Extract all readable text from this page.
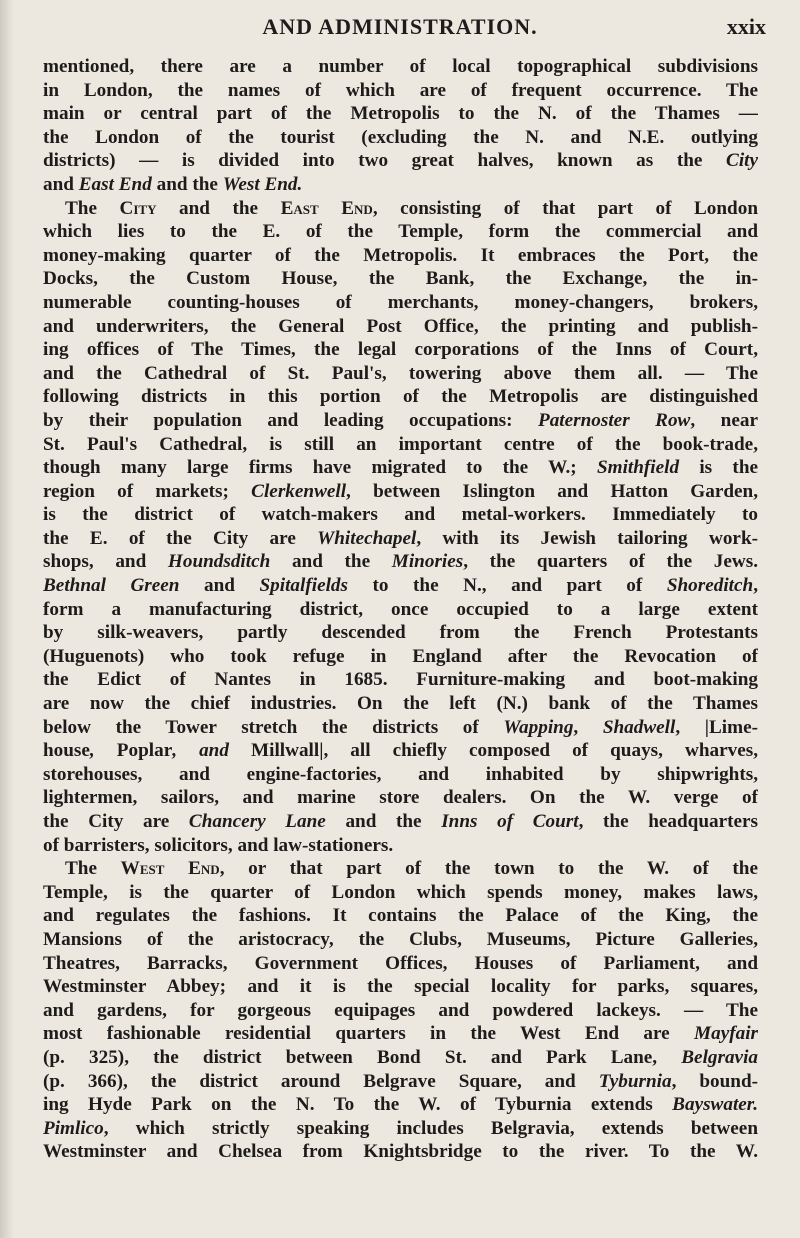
AND ADMINISTRATION.	xxix
mentioned, there are a number of local topographical subdivisions
in London, the names of which are of frequent occurrence. The
main or central part of the Metropolis to the N. of the Thames —
the London of the tourist (excluding the N. and N.E. outlying
districts) — is divided into two great halves, known as the City
and East End and the West End.
The City and the East End, consisting of that part of London
which lies to the E. of the Temple, form the commercial and
money-making quarter of the Metropolis. It embraces the Port, the
Docks, the Custom House, the Bank, the Exchange, the in-
numerable counting-houses of merchants, money-changers, brokers,
and underwriters, the General Post Office, the printing and publish-
ing offices of The Times, the legal corporations of the Inns of Court,
and the Cathedral of St. Paul's, towering above them all. — The
following districts in this portion of the Metropolis are distinguished
by their population and leading occupations: Paternoster Row, near
St. Paul's Cathedral, is still an important centre of the book-trade,
though many large firms have migrated to the W.; Smithfield is the
region of markets; Clerkenwell, between Islington and Hatton Garden,
is the district of watch-makers and metal-workers. Immediately to
the E. of the City are Whitechapel, with its Jewish tailoring work-
shops, and Houndsditch and the Minories, the quarters of the Jews.
Bethnal Green and Spitalfields to the N., and part of Shoreditch,
form a manufacturing district, once occupied to a large extent
by silk-weavers, partly descended from the French Protestants
(Huguenots) who took refuge in England after the Revocation of
the Edict of Nantes in 1685. Furniture-making and boot-making
are now the chief industries. On the left (N.) bank of the Thames
below the Tower stretch the districts of Wapping, Shadwell, |Lime-
house, Poplar, and Millwall|, all chiefly composed of quays, wharves,
storehouses, and engine-factories, and inhabited by shipwrights,
lightermen, sailors, and marine store dealers. On the W. verge of
the City are Chancery Lane and the Inns of Court, the headquarters
of barristers, solicitors, and law-stationers.
The West End, or that part of the town to the W. of the
Temple, is the quarter of London which spends money, makes laws,
and regulates the fashions. It contains the Palace of the King, the
Mansions of the aristocracy, the Clubs, Museums, Picture Galleries,
Theatres, Barracks, Government Offices, Houses of Parliament, and
Westminster Abbey; and it is the special locality for parks, squares,
and gardens, for gorgeous equipages and powdered lackeys. — The
most fashionable residential quarters in the West End are Mayfair
(p. 325), the district between Bond St. and Park Lane, Belgravia
(p. 366), the district around Belgrave Square, and Tyburnia, bound-
ing Hyde Park on the N. To the W. of Tyburnia extends Bayswater.
Pimlico, which strictly speaking includes Belgravia, extends between
Westminster and Chelsea from Knightsbridge to the river. To the W.
